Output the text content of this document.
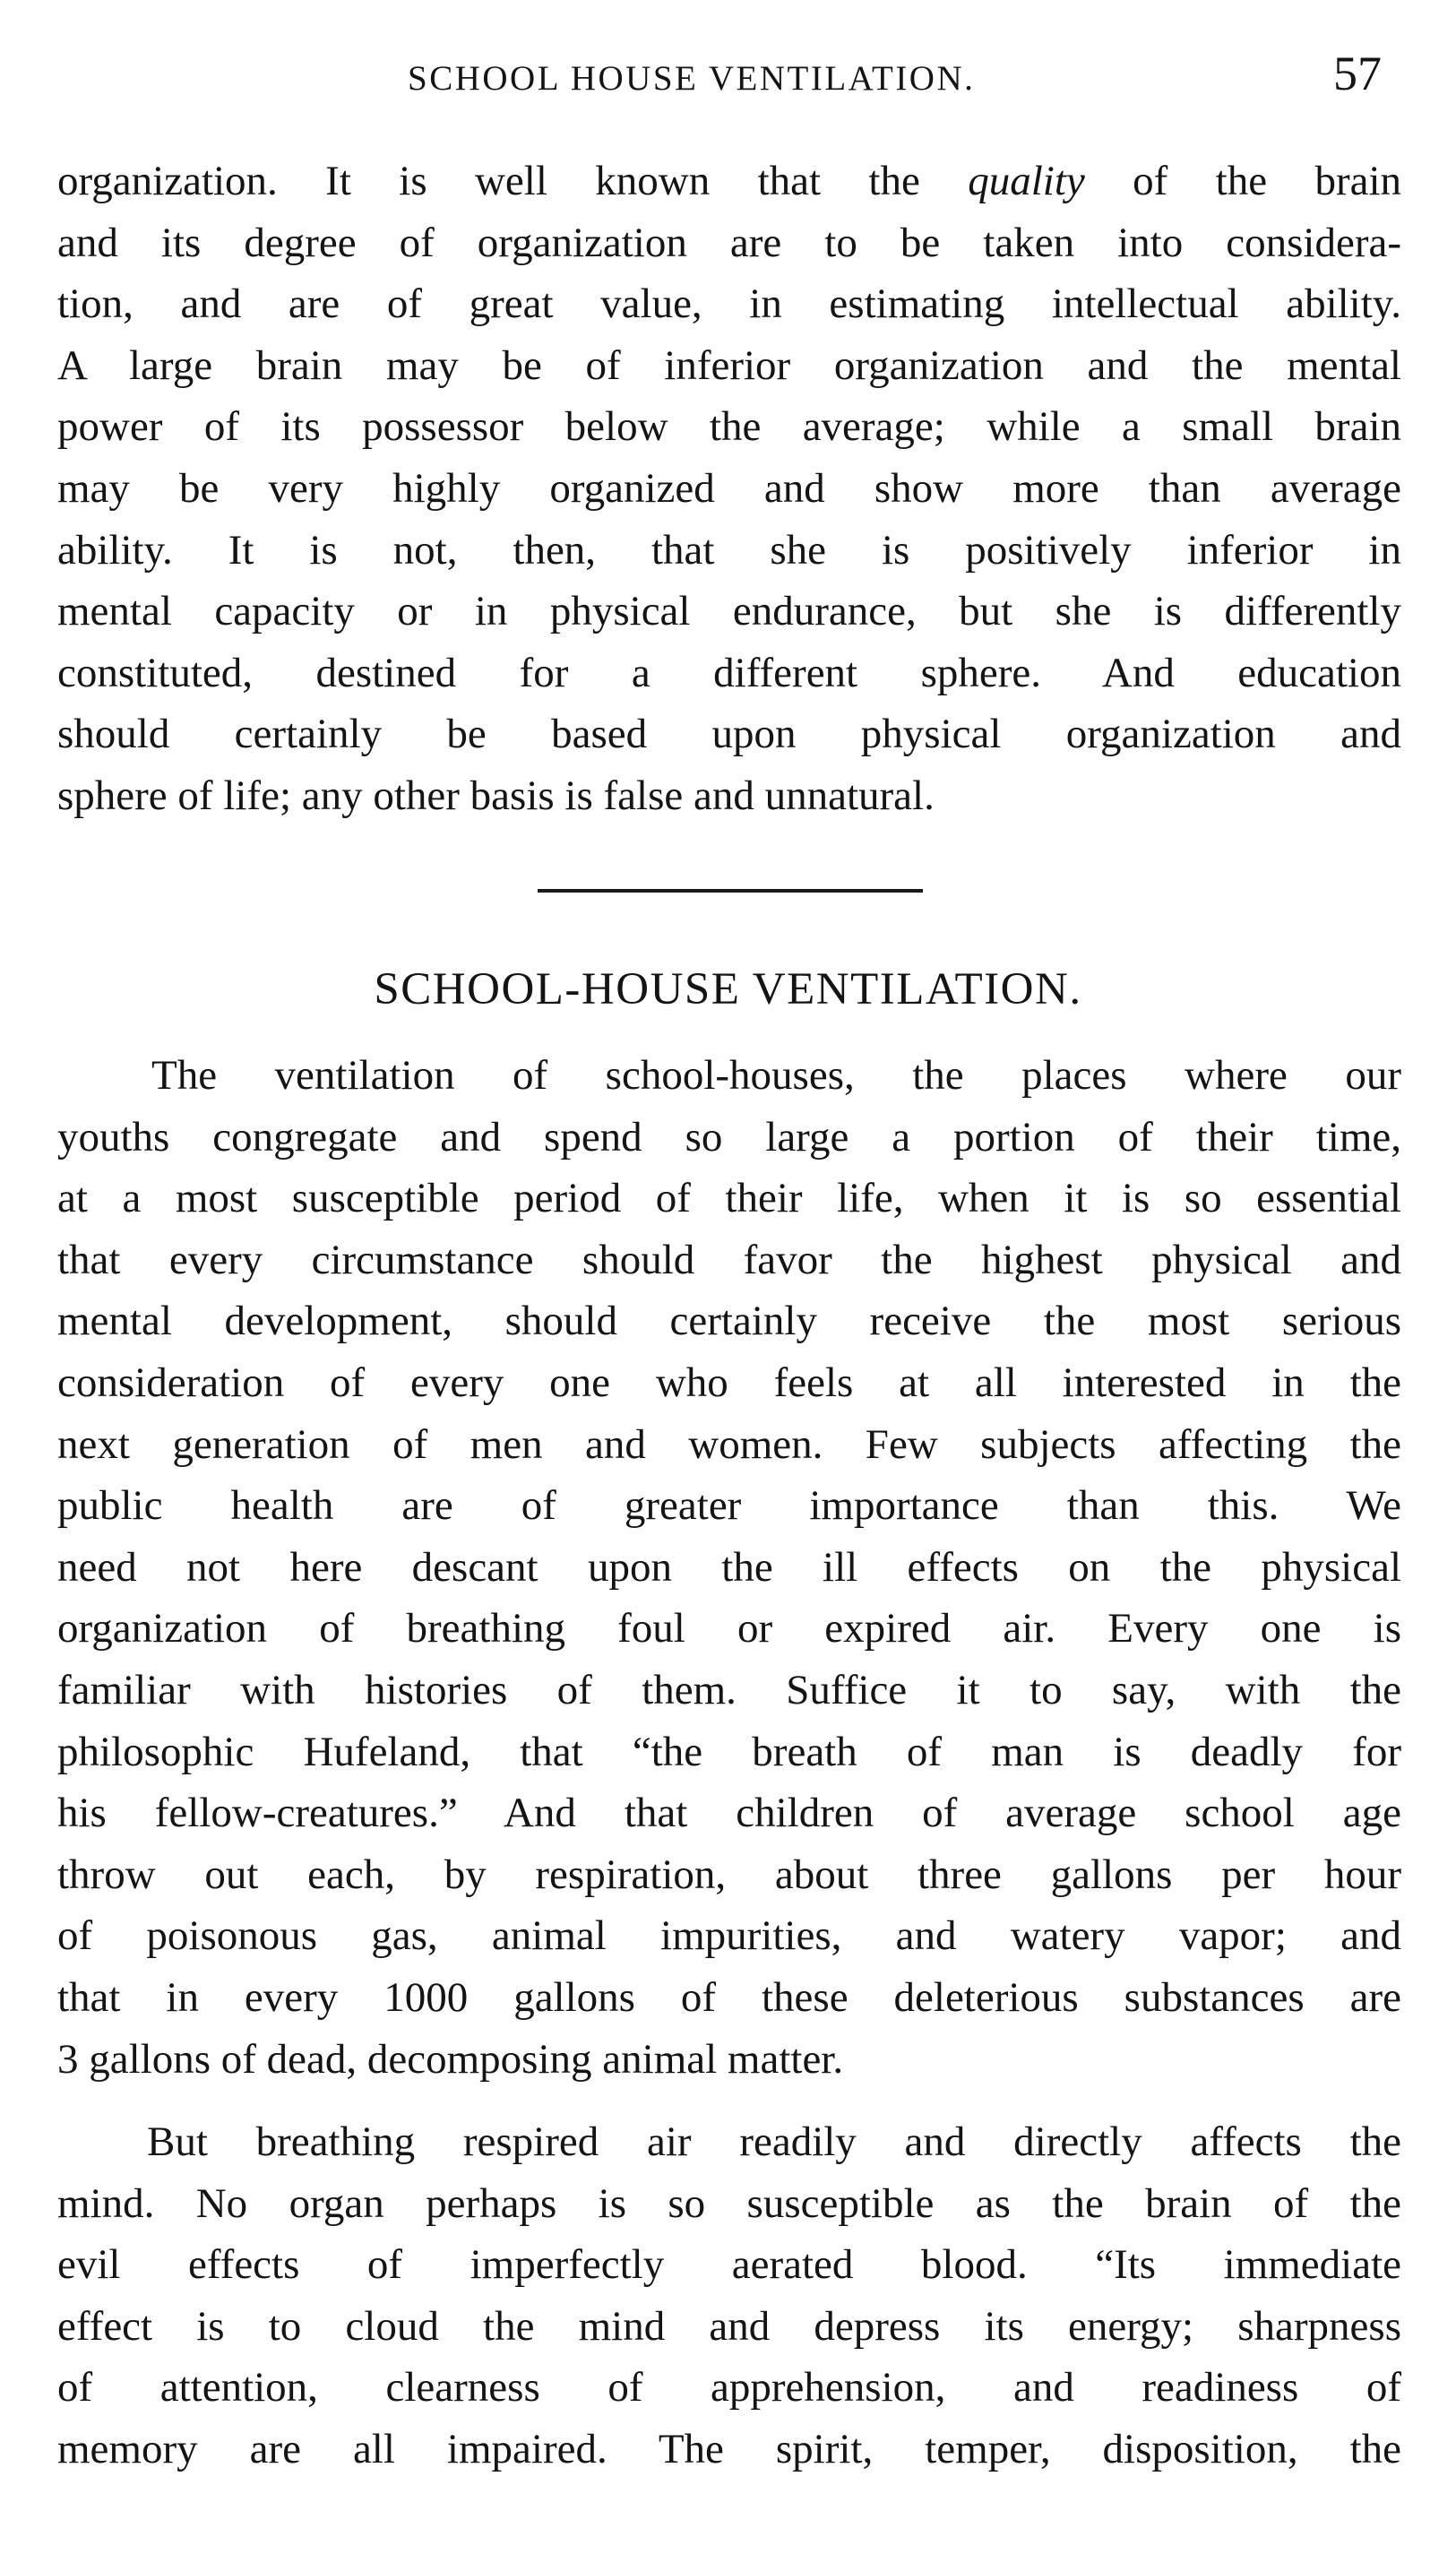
SCHOOL HOUSE VENTILATION.	57
organization. It is well known that the quality of the brain
and its degree of organization are to be taken into considera-
tion, and are of great value, in estimating intellectual ability.
A large brain may be of inferior organization and the mental
power of its possessor below the average; while a small brain
may be very highly organized and show more than average
ability. It is not, then, that she is positively inferior in
mental capacity or in physical endurance, but she is differently
constituted, destined for a different sphere. And education
should certainly be based upon physical organization and
sphere of life; any other basis is false and unnatural.
SCHOOL-HOUSE VENTILATION.
The ventilation of school-houses, the places where our
youths congregate and spend so large a portion of their time,
at a most susceptible period of their life, when it is so essential
that every circumstance should favor the highest physical and
mental development, should certainly receive the most serious
consideration of every one who feels at all interested in the
next generation of men and women. Few subjects affecting the
public health are of greater importance than this. We
need not here descant upon the ill effects on the physical
organization of breathing foul or expired air. Every one is
familiar with histories of them. Suffice it to say, with the
philosophic Hufeland, that “the breath of man is deadly for
his fellow-creatures.” And that children of average school age
throw out each, by respiration, about three gallons per hour
of poisonous gas, animal impurities, and watery vapor; and
that in every 1000 gallons of these deleterious substances are
3 gallons of dead, decomposing animal matter.
But breathing respired air readily and directly affects the
mind. No organ perhaps is so susceptible as the brain of the
evil effects of imperfectly aerated blood. “Its immediate
effect is to cloud the mind and depress its energy; sharpness
of attention, clearness of apprehension, and readiness of
memory are all impaired. The spirit, temper, disposition, the
